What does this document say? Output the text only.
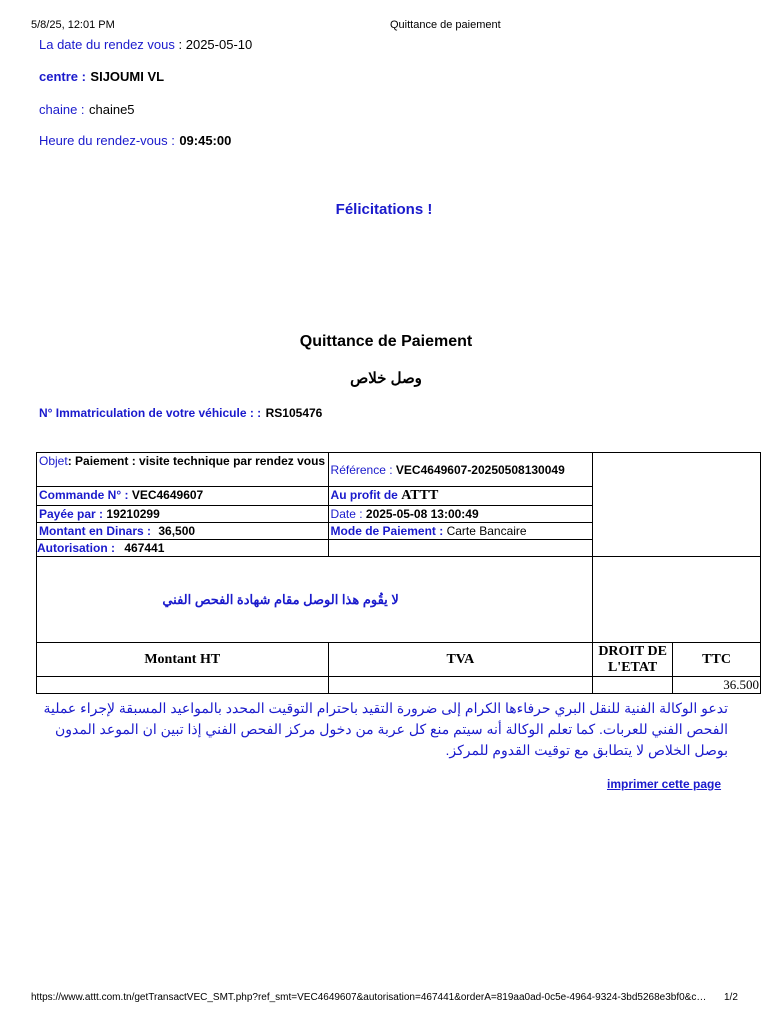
5/8/25, 12:01 PM	Quittance de paiement
La date du rendez vous : 2025-05-10
centre : SIJOUMI VL
chaine : chaine5
Heure du rendez-vous : 09:45:00
Félicitations !
Quittance de Paiement
وصل خلاص
N° Immatriculation de votre véhicule : : RS105476
Objet: Paiement : visite technique par rendez vous	Référence : VEC4649607-20250508130049		
Commande N° : VEC4649607	Au profit de ATTT		
Payée par : 19210299	Date : 2025-05-08 13:00:49		
Montant en Dinars : 36,500	Mode de Paiement : Carte Bancaire		
Autorisation : 467441			
لا يقُوم هذا الوصل مقام شهادة الفحص الفني			
Montant HT	TVA	DROIT DE L'ETAT	TTC
			36.500
تدعو الوكالة الفنية للنقل البري حرفاءها الكرام إلى ضرورة التقيد باحترام التوقيت المحدد بالمواعيد المسبقة لإجراء عملية الفحص الفني للعربات. كما تعلم الوكالة أنه سيتم منع كل عربة من دخول مركز الفحص الفني إذا تبين ان الموعد المدون بوصل الخلاص لا يتطابق مع توقيت القدوم للمركز.
imprimer cette page
https://www.attt.com.tn/getTransactVEC_SMT.php?ref_smt=VEC4649607&autorisation=467441&orderA=819aa0ad-0c5e-4964-9324-3bd5268e3bf0&c…	1/2
